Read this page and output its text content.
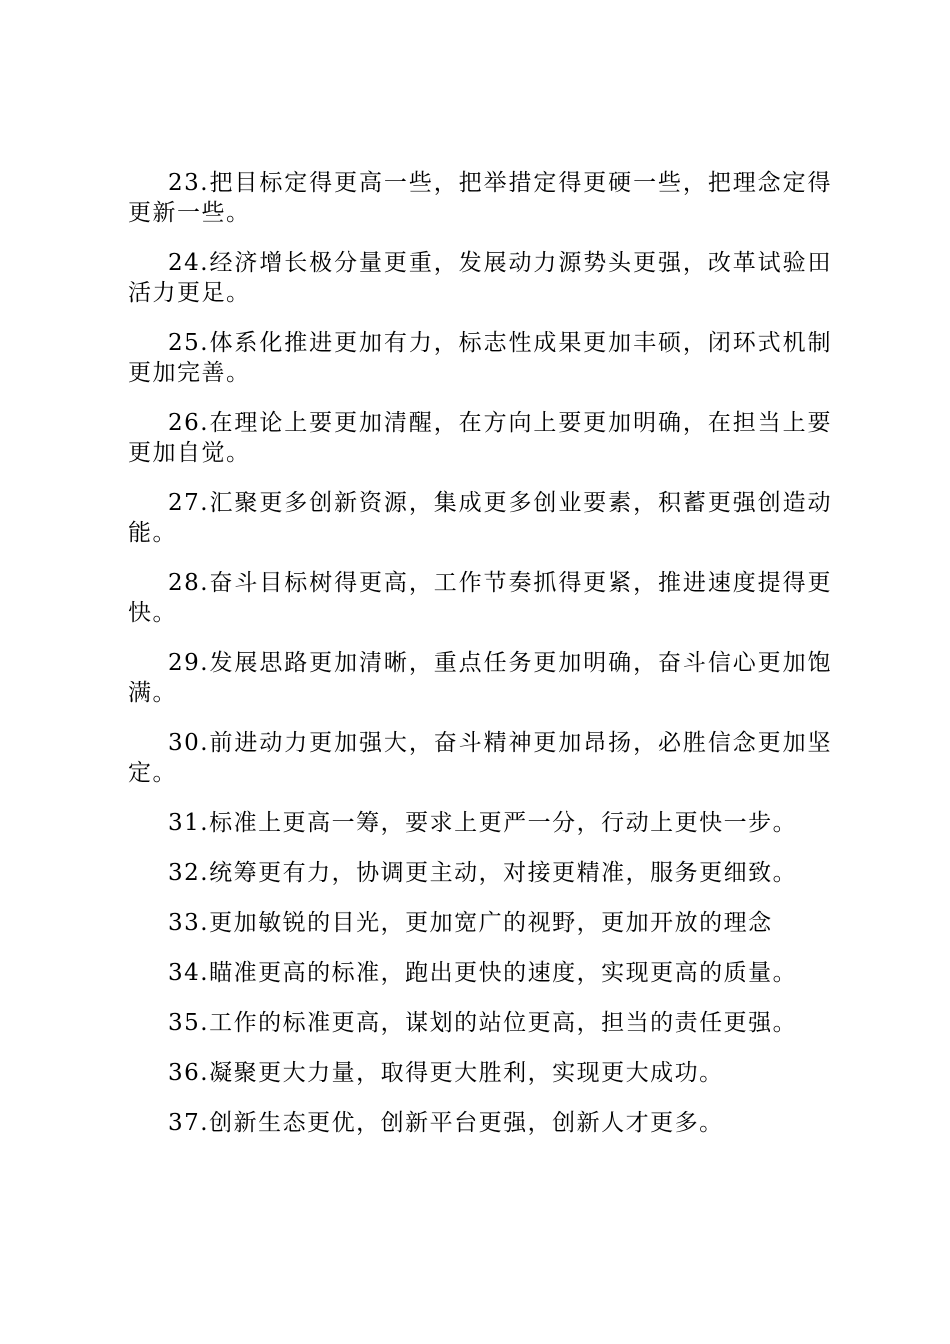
23.把目标定得更高一些，把举措定得更硬一些，把理念定得更新一些。

24.经济增长极分量更重，发展动力源势头更强，改革试验田活力更足。

25.体系化推进更加有力，标志性成果更加丰硕，闭环式机制更加完善。

26.在理论上要更加清醒，在方向上要更加明确，在担当上要更加自觉。

27.汇聚更多创新资源，集成更多创业要素，积蓄更强创造动能。

28.奋斗目标树得更高，工作节奏抓得更紧，推进速度提得更快。

29.发展思路更加清晰，重点任务更加明确，奋斗信心更加饱满。

30.前进动力更加强大，奋斗精神更加昂扬，必胜信念更加坚定。

31.标准上更高一筹，要求上更严一分，行动上更快一步。

32.统筹更有力，协调更主动，对接更精准，服务更细致。

33.更加敏锐的目光，更加宽广的视野，更加开放的理念

34.瞄准更高的标准，跑出更快的速度，实现更高的质量。

35.工作的标准更高，谋划的站位更高，担当的责任更强。

36.凝聚更大力量，取得更大胜利，实现更大成功。

37.创新生态更优，创新平台更强，创新人才更多。
